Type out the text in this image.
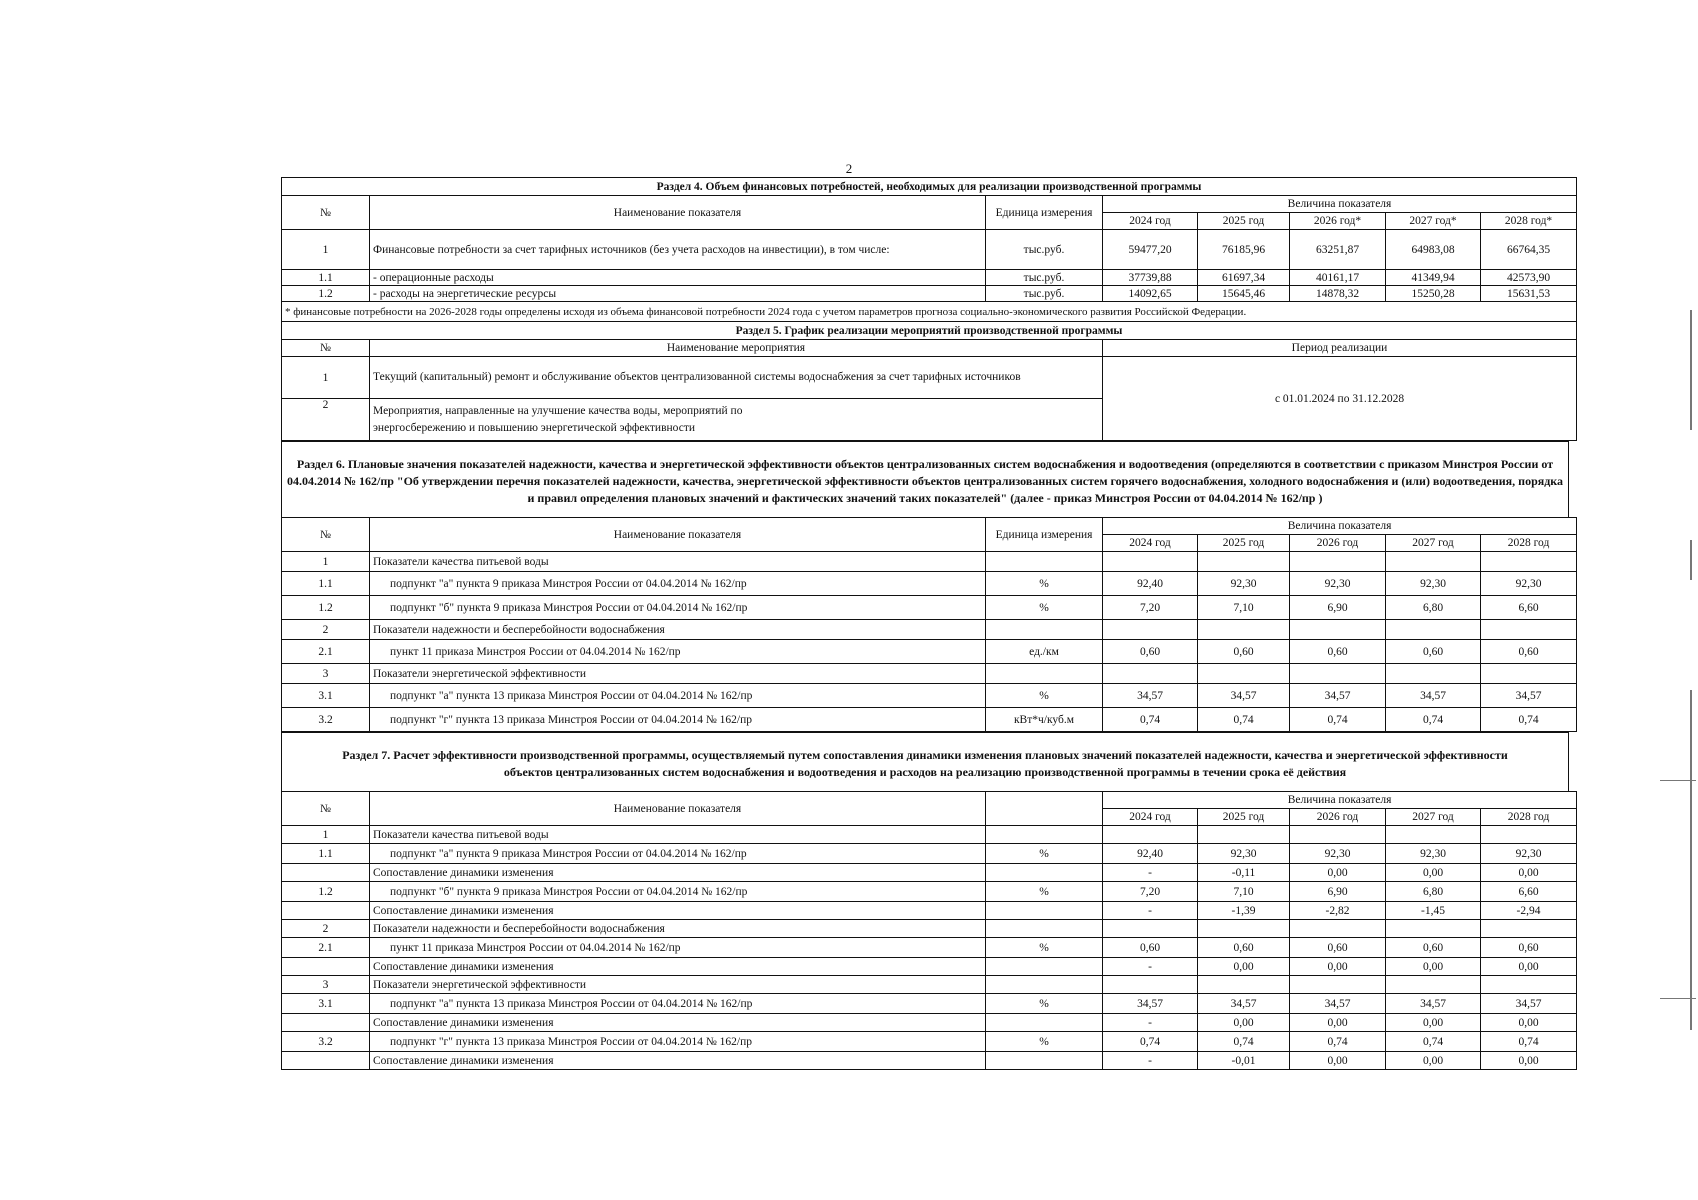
2
Раздел 4. Объем финансовых потребностей, необходимых для реализации производственной программы							
№	Наименование показателя	Единица измерения	Величина показателя				
			2024 год	2025 год	2026 год*	2027 год*	2028 год*
1	Финансовые потребности за счет тарифных источников (без учета расходов на инвестиции), в том числе:	тыс.руб.	59477,20	76185,96	63251,87	64983,08	66764,35
1.1	- операционные расходы	тыс.руб.	37739,88	61697,34	40161,17	41349,94	42573,90
1.2	- расходы на энергетические ресурсы	тыс.руб.	14092,65	15645,46	14878,32	15250,28	15631,53
* финансовые потребности на 2026-2028 годы определены исходя из объема финансовой потребности 2024 года с учетом параметров прогноза социально-экономического развития Российской Федерации.							
Раздел 5. График реализации мероприятий производственной программы							
№	Наименование мероприятия		Период реализации				
1	Текущий (капитальный) ремонт и обслуживание объектов централизованной системы водоснабжения за счет тарифных источников		с 01.01.2024 по 31.12.2028				
2	Мероприятия, направленные на улучшение качества воды, мероприятий по энергосбережению и повышению энергетической эффективности						
Раздел 6. Плановые значения показателей надежности, качества и энергетической эффективности объектов централизованных систем водоснабжения и водоотведения (определяются в соответствии с приказом Минстроя России от 04.04.2014 № 162/пр "Об утверждении перечня показателей надежности, качества, энергетической эффективности объектов централизованных систем горячего водоснабжения, холодного водоснабжения и (или) водоотведения, порядка и правил определения плановых значений и фактических значений таких показателей" (далее - приказ Минстроя России от 04.04.2014 № 162/пр )
№	Наименование показателя	Единица измерения	Величина показателя				
			2024 год	2025 год	2026 год	2027 год	2028 год
1	Показатели качества питьевой воды						
1.1	подпункт "а" пункта 9 приказа Минстроя России от 04.04.2014 № 162/пр	%	92,40	92,30	92,30	92,30	92,30
1.2	подпункт "б" пункта 9 приказа Минстроя России от 04.04.2014 № 162/пр	%	7,20	7,10	6,90	6,80	6,60
2	Показатели надежности и бесперебойности водоснабжения						
2.1	пункт 11 приказа Минстроя России от 04.04.2014 № 162/пр	ед./км	0,60	0,60	0,60	0,60	0,60
3	Показатели энергетической эффективности						
3.1	подпункт "а" пункта 13 приказа Минстроя России от 04.04.2014 № 162/пр	%	34,57	34,57	34,57	34,57	34,57
3.2	подпункт "г" пункта 13 приказа Минстроя России от 04.04.2014 № 162/пр	кВт*ч/куб.м	0,74	0,74	0,74	0,74	0,74
Раздел 7. Расчет эффективности производственной программы, осуществляемый путем сопоставления динамики изменения плановых значений показателей надежности, качества и энергетической эффективности объектов централизованных систем водоснабжения и водоотведения и расходов на реализацию производственной программы в течении срока её действия
№	Наименование показателя		Величина показателя				
			2024 год	2025 год	2026 год	2027 год	2028 год
1	Показатели качества питьевой воды						
1.1	подпункт "а" пункта 9 приказа Минстроя России от 04.04.2014 № 162/пр	%	92,40	92,30	92,30	92,30	92,30
	Сопоставление динамики изменения		-	-0,11	0,00	0,00	0,00
1.2	подпункт "б" пункта 9 приказа Минстроя России от 04.04.2014 № 162/пр	%	7,20	7,10	6,90	6,80	6,60
	Сопоставление динамики изменения		-	-1,39	-2,82	-1,45	-2,94
2	Показатели надежности и бесперебойности водоснабжения						
2.1	пункт 11 приказа Минстроя России от 04.04.2014 № 162/пр	%	0,60	0,60	0,60	0,60	0,60
	Сопоставление динамики изменения		-	0,00	0,00	0,00	0,00
3	Показатели энергетической эффективности						
3.1	подпункт "а" пункта 13 приказа Минстроя России от 04.04.2014 № 162/пр	%	34,57	34,57	34,57	34,57	34,57
	Сопоставление динамики изменения		-	0,00	0,00	0,00	0,00
3.2	подпункт "г" пункта 13 приказа Минстроя России от 04.04.2014 № 162/пр	%	0,74	0,74	0,74	0,74	0,74
	Сопоставление динамики изменения		-	-0,01	0,00	0,00	0,00
